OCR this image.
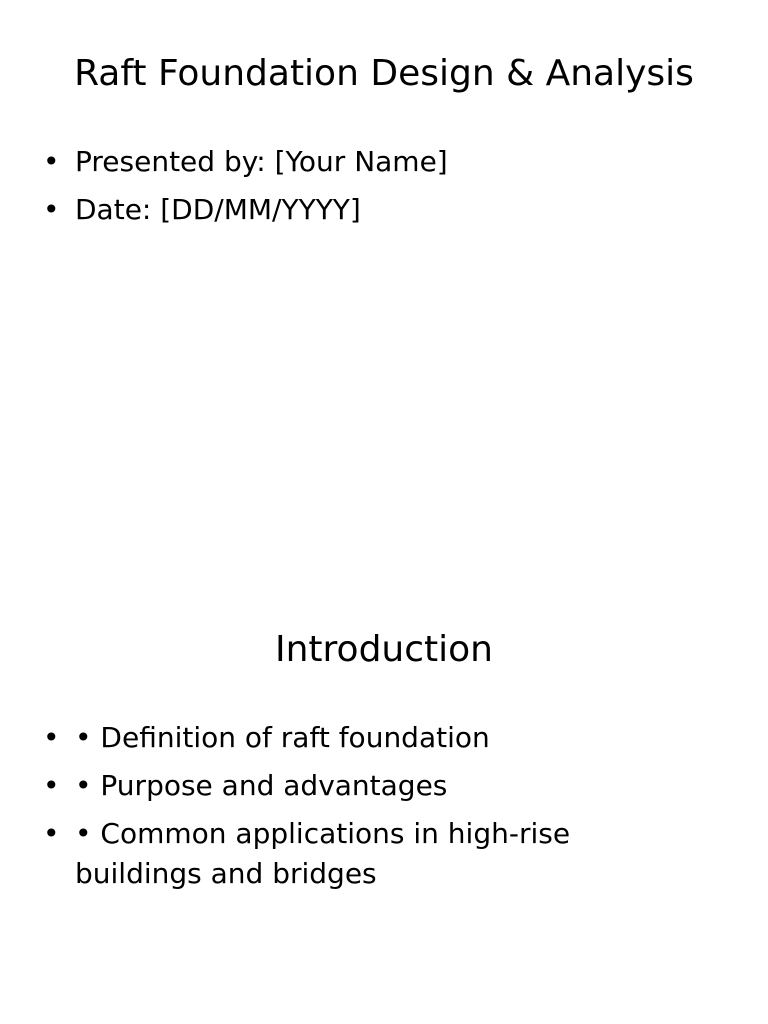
Raft Foundation Design & Analysis
• Presented by: [Your Name]
• Date: [DD/MM/YYYY]
Introduction
• • Definition of raft foundation
• • Purpose and advantages
• • Common applications in high-rise buildings and bridges
